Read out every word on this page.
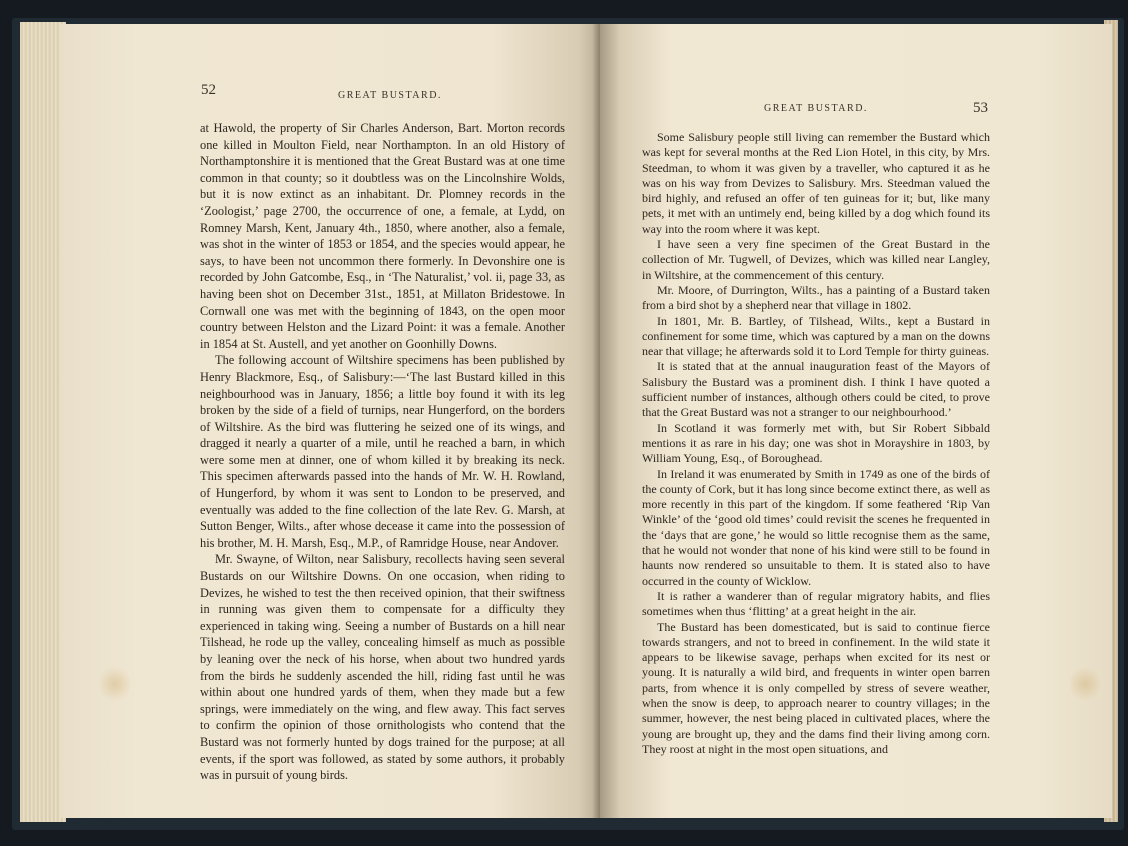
52	GREAT BUSTARD.

at Hawold, the property of Sir Charles Anderson, Bart. Morton records one killed in Moulton Field, near Northampton. In an old History of Northamptonshire it is mentioned that the Great Bustard was at one time common in that county; so it doubtless was on the Lincolnshire Wolds, but it is now extinct as an inhabitant. Dr. Plomney records in the ‘Zoologist,’ page 2700, the occurrence of one, a female, at Lydd, on Romney Marsh, Kent, January 4th., 1850, where another, also a female, was shot in the winter of 1853 or 1854, and the species would appear, he says, to have been not uncommon there formerly. In Devonshire one is recorded by John Gatcombe, Esq., in ‘The Naturalist,’ vol. ii, page 33, as having been shot on December 31st., 1851, at Millaton Bridestowe. In Cornwall one was met with the beginning of 1843, on the open moor country between Helston and the Lizard Point: it was a female. Another in 1854 at St. Austell, and yet another on Goonhilly Downs.

The following account of Wiltshire specimens has been published by Henry Blackmore, Esq., of Salisbury:—‘The last Bustard killed in this neighbourhood was in January, 1856; a little boy found it with its leg broken by the side of a field of turnips, near Hungerford, on the borders of Wiltshire. As the bird was fluttering he seized one of its wings, and dragged it nearly a quarter of a mile, until he reached a barn, in which were some men at dinner, one of whom killed it by breaking its neck. This specimen afterwards passed into the hands of Mr. W. H. Rowland, of Hungerford, by whom it was sent to London to be preserved, and eventually was added to the fine collection of the late Rev. G. Marsh, at Sutton Benger, Wilts., after whose decease it came into the possession of his brother, M. H. Marsh, Esq., M.P., of Ramridge House, near Andover.

Mr. Swayne, of Wilton, near Salisbury, recollects having seen several Bustards on our Wiltshire Downs. On one occasion, when riding to Devizes, he wished to test the then received opinion, that their swiftness in running was given them to compensate for a difficulty they experienced in taking wing. Seeing a number of Bustards on a hill near Tilshead, he rode up the valley, concealing himself as much as possible by leaning over the neck of his horse, when about two hundred yards from the birds he suddenly ascended the hill, riding fast until he was within about one hundred yards of them, when they made but a few springs, were immediately on the wing, and flew away. This fact serves to confirm the opinion of those ornithologists who contend that the Bustard was not formerly hunted by dogs trained for the purpose; at all events, if the sport was followed, as stated by some authors, it probably was in pursuit of young birds.

GREAT BUSTARD.	53

Some Salisbury people still living can remember the Bustard which was kept for several months at the Red Lion Hotel, in this city, by Mrs. Steedman, to whom it was given by a traveller, who captured it as he was on his way from Devizes to Salisbury. Mrs. Steedman valued the bird highly, and refused an offer of ten guineas for it; but, like many pets, it met with an untimely end, being killed by a dog which found its way into the room where it was kept.

I have seen a very fine specimen of the Great Bustard in the collection of Mr. Tugwell, of Devizes, which was killed near Langley, in Wiltshire, at the commencement of this century.

Mr. Moore, of Durrington, Wilts., has a painting of a Bustard taken from a bird shot by a shepherd near that village in 1802.

In 1801, Mr. B. Bartley, of Tilshead, Wilts., kept a Bustard in confinement for some time, which was captured by a man on the downs near that village; he afterwards sold it to Lord Temple for thirty guineas.

It is stated that at the annual inauguration feast of the Mayors of Salisbury the Bustard was a prominent dish. I think I have quoted a sufficient number of instances, although others could be cited, to prove that the Great Bustard was not a stranger to our neighbourhood.’

In Scotland it was formerly met with, but Sir Robert Sibbald mentions it as rare in his day; one was shot in Morayshire in 1803, by William Young, Esq., of Boroughead.

In Ireland it was enumerated by Smith in 1749 as one of the birds of the county of Cork, but it has long since become extinct there, as well as more recently in this part of the kingdom. If some feathered ‘Rip Van Winkle’ of the ‘good old times’ could revisit the scenes he frequented in the ‘days that are gone,’ he would so little recognise them as the same, that he would not wonder that none of his kind were still to be found in haunts now rendered so unsuitable to them. It is stated also to have occurred in the county of Wicklow.

It is rather a wanderer than of regular migratory habits, and flies sometimes when thus ‘flitting’ at a great height in the air.

The Bustard has been domesticated, but is said to continue fierce towards strangers, and not to breed in confinement. In the wild state it appears to be likewise savage, perhaps when excited for its nest or young. It is naturally a wild bird, and frequents in winter open barren parts, from whence it is only compelled by stress of severe weather, when the snow is deep, to approach nearer to country villages; in the summer, however, the nest being placed in cultivated places, where the young are brought up, they and the dams find their living among corn. They roost at night in the most open situations, and
